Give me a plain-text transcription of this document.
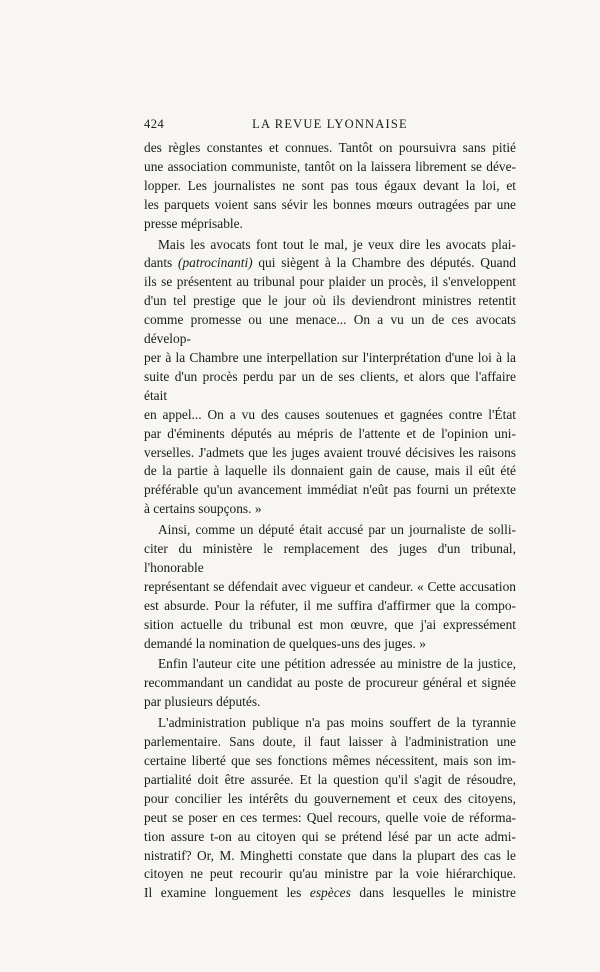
424	LA REVUE LYONNAISE

des règles constantes et connues. Tantôt on poursuivra sans pitié

une association communiste, tantôt on la laissera librement se déve-

lopper. Les journalistes ne sont pas tous égaux devant la loi, et

les parquets voient sans sévir les bonnes mœurs outragées par une

presse méprisable.

Mais les avocats font tout le mal, je veux dire les avocats plai-

dants (patrocinanti) qui siègent à la Chambre des députés. Quand

ils se présentent au tribunal pour plaider un procès, il s'enveloppent

d'un tel prestige que le jour où ils deviendront ministres retentit

comme promesse ou une menace... On a vu un de ces avocats dévelop-

per à la Chambre une interpellation sur l'interprétation d'une loi à la

suite d'un procès perdu par un de ses clients, et alors que l'affaire était

en appel... On a vu des causes soutenues et gagnées contre l'État

par d'éminents députés au mépris de l'attente et de l'opinion uni-

verselles. J'admets que les juges avaient trouvé décisives les raisons

de la partie à laquelle ils donnaient gain de cause, mais il eût été

préférable qu'un avancement immédiat n'eût pas fourni un prétexte

à certains soupçons. »

Ainsi, comme un député était accusé par un journaliste de solli-

citer du ministère le remplacement des juges d'un tribunal, l'honorable

représentant se défendait avec vigueur et candeur. « Cette accusation

est absurde. Pour la réfuter, il me suffira d'affirmer que la compo-

sition actuelle du tribunal est mon œuvre, que j'ai expressément

demandé la nomination de quelques-uns des juges. »

Enfin l'auteur cite une pétition adressée au ministre de la justice,

recommandant un candidat au poste de procureur général et signée

par plusieurs députés.

L'administration publique n'a pas moins souffert de la tyrannie

parlementaire. Sans doute, il faut laisser à l'administration une

certaine liberté que ses fonctions mêmes nécessitent, mais son im-

partialité doit être assurée. Et la question qu'il s'agit de résoudre,

pour concilier les intérêts du gouvernement et ceux des citoyens,

peut se poser en ces termes: Quel recours, quelle voie de réforma-

tion assure t-on au citoyen qui se prétend lésé par un acte admi-

nistratif? Or, M. Minghetti constate que dans la plupart des cas le

citoyen ne peut recourir qu'au ministre par la voie hiérarchique.

Il examine longuement les espèces dans lesquelles le ministre
